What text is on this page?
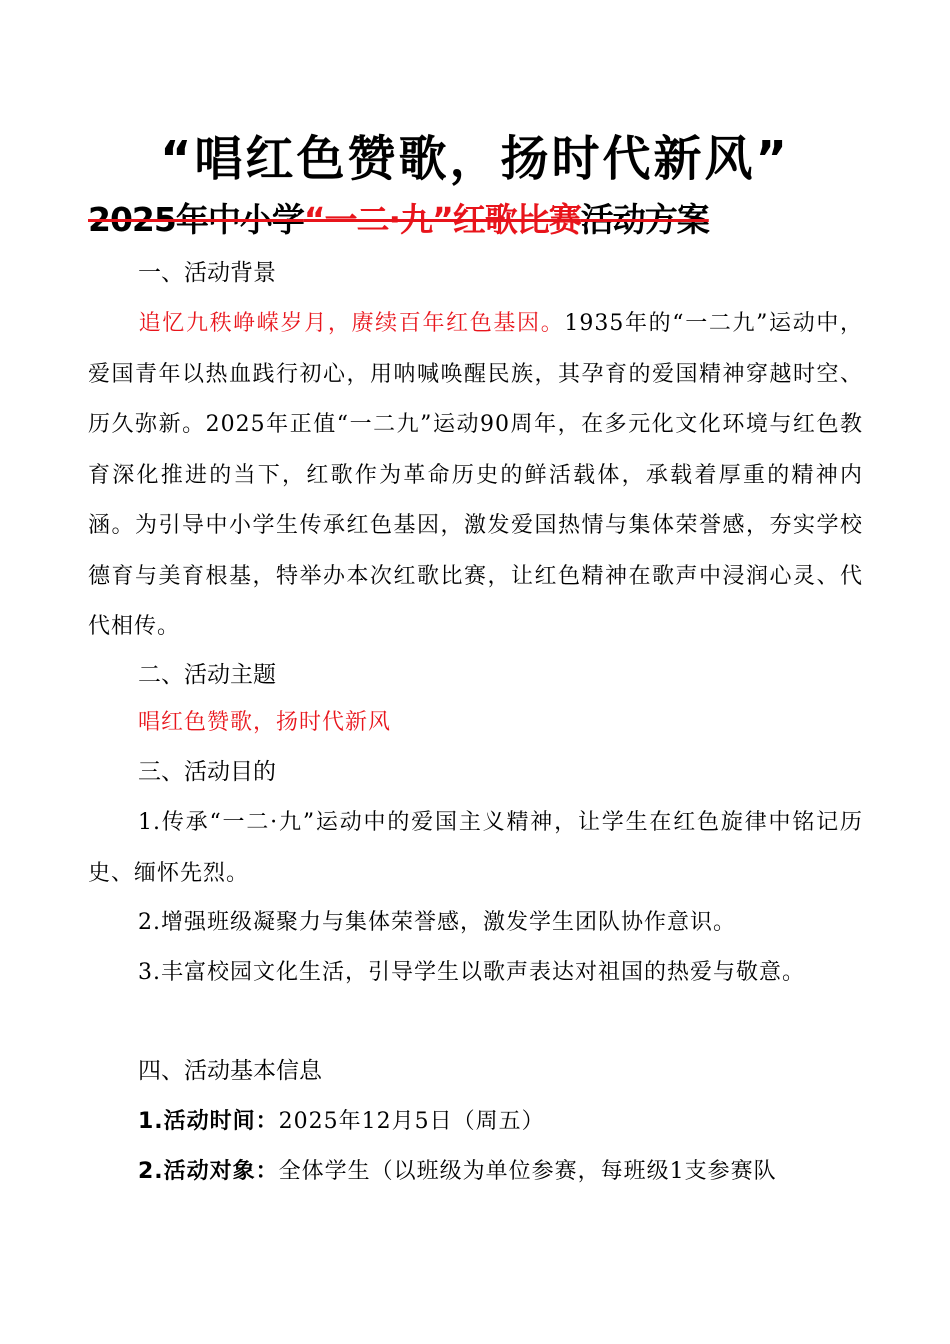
“唱红色赞歌，扬时代新风”
2025年中小学“一二·九”红歌比赛活动方案
一、活动背景
追忆九秩峥嵘岁月，赓续百年红色基因。1935年的“一二九”运动中，爱国青年以热血践行初心，用呐喊唤醒民族，其孕育的爱国精神穿越时空、历久弥新。2025年正值“一二九”运动90周年，在多元化文化环境与红色教育深化推进的当下，红歌作为革命历史的鲜活载体，承载着厚重的精神内涵。为引导中小学生传承红色基因，激发爱国热情与集体荣誉感，夯实学校德育与美育根基，特举办本次红歌比赛，让红色精神在歌声中浸润心灵、代代相传。
二、活动主题
唱红色赞歌，扬时代新风
三、活动目的
1.传承“一二·九”运动中的爱国主义精神，让学生在红色旋律中铭记历史、缅怀先烈。
2.增强班级凝聚力与集体荣誉感，激发学生团队协作意识。
3.丰富校园文化生活，引导学生以歌声表达对祖国的热爱与敬意。
四、活动基本信息
1.活动时间：2025年12月5日（周五）
2.活动对象：全体学生（以班级为单位参赛，每班级1支参赛队
